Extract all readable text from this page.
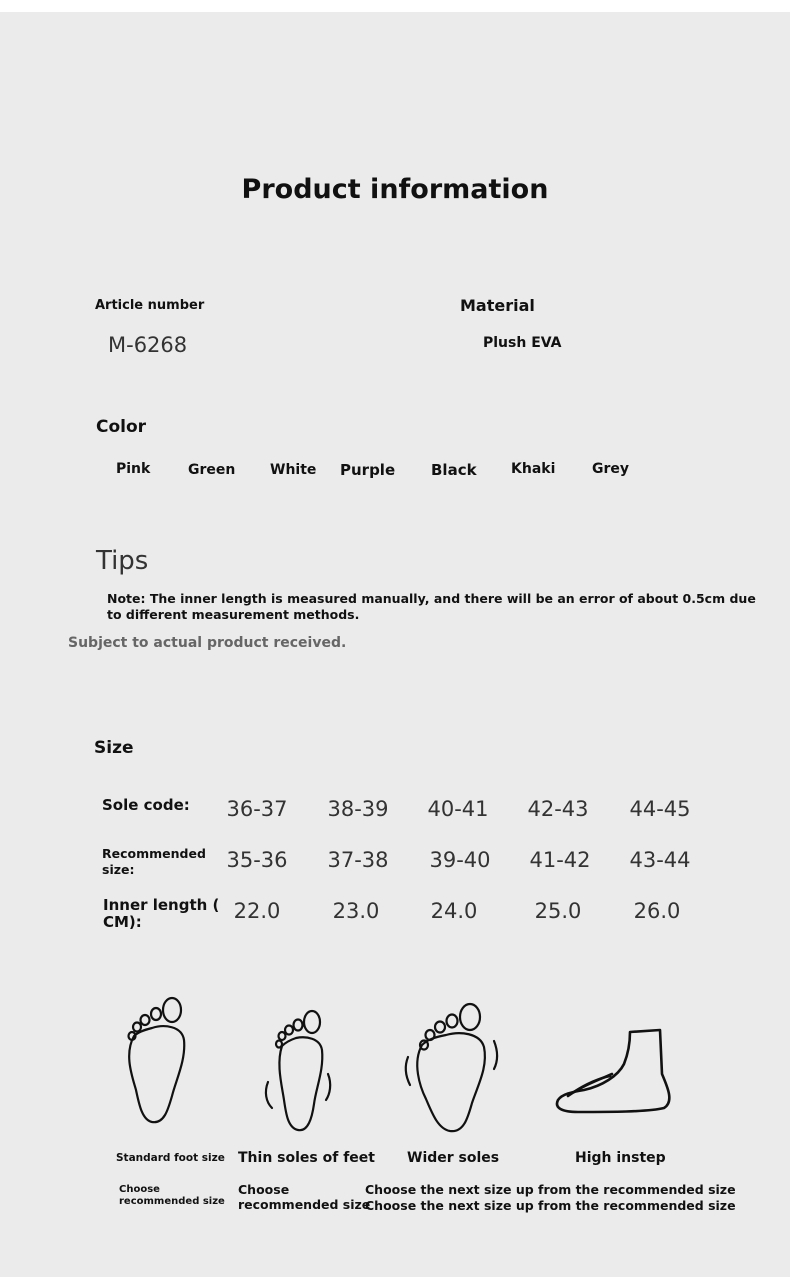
Product information
Article number
M-6268
Material
Plush EVA
Color
Pink	Green White Purple Black Khaki	Grey
Tips
Note: The inner length is measured manually, and there will be an error of about 0.5cm due
to different measurement methods.
Subject to actual product received.
Size
Sole code:	36-37	38-39	40-41	42-43	44-45
Recommended
size:	35-36	37-38	39-40	41-42	43-44
Inner length (
CM):	22.0	23.0	24.0	25.0	26.0
Standard foot size Thin soles of feet Wider soles	High instep
Choose
recommended size
Choose
recommended size
Choose the next size up from the recommended size
Choose the next size up from the recommended size
